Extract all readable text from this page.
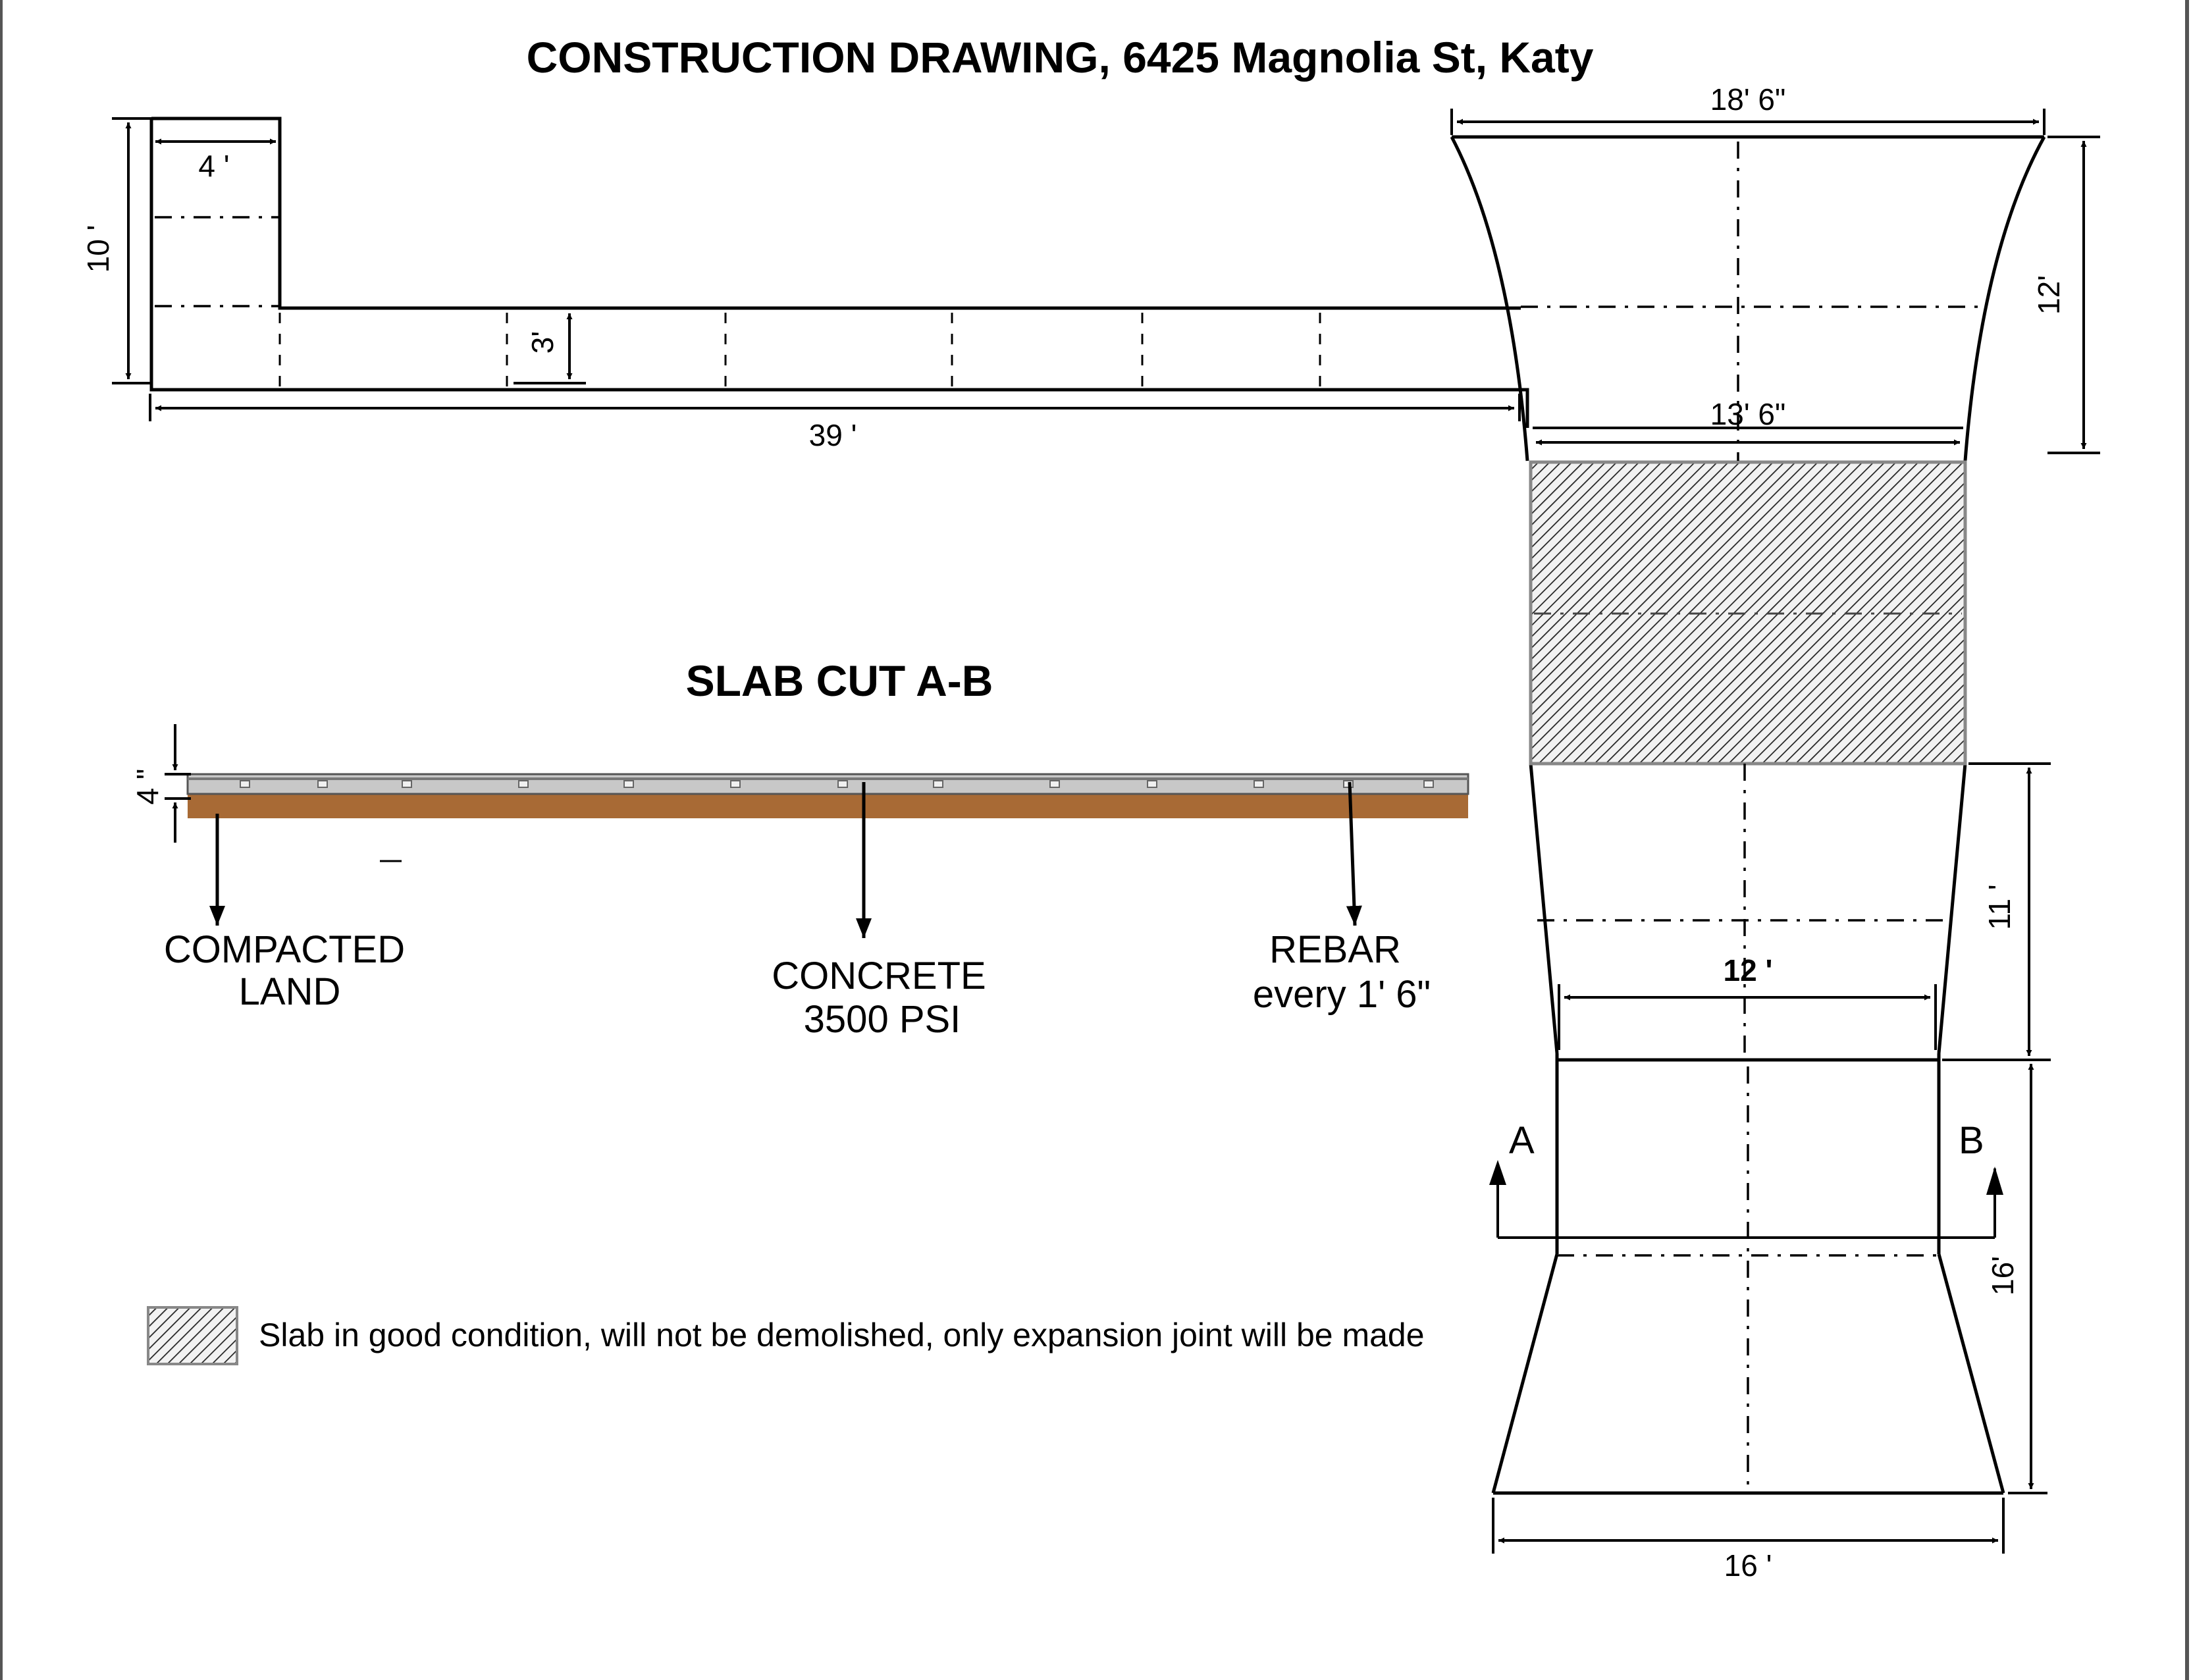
CONSTRUCTION DRAWING, 6425 Magnolia St, Katy
4 '
10 '
3'
39 '
18' 6"
12'
13' 6"
11 '
12 '
16'
16 '
A	B
SLAB CUT A-B
4 "
COMPACTED
LAND	CONCRETE
3500 PSI
REBAR
every 1' 6"
Slab in good condition, will not be demolished, only expansion joint will be made
